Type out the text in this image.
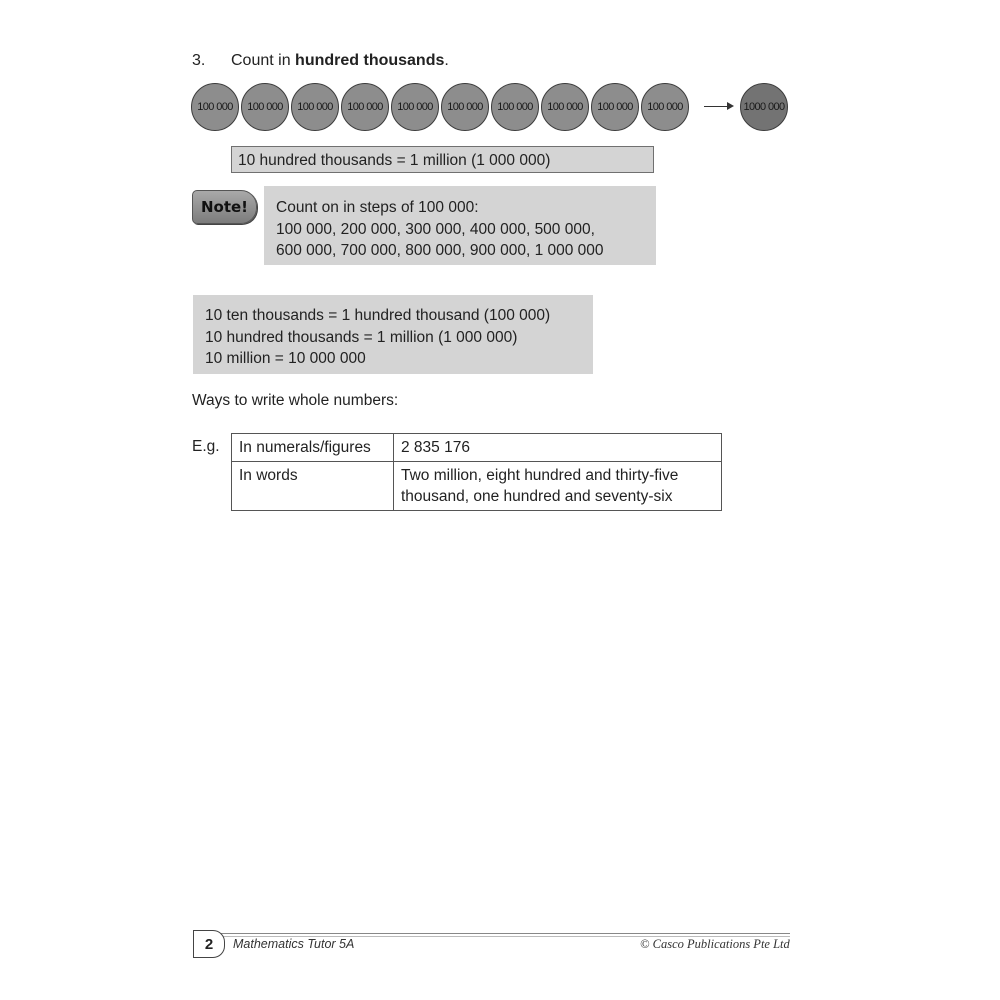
3. Count in hundred thousands.
100 000	100 000	100 000	100 000	100 000	100 000	100 000	100 000	100 000	100 000	1000 000
10 hundred thousands = 1 million (1 000 000)
Note!	Count on in steps of 100 000:
100 000, 200 000, 300 000, 400 000, 500 000,
600 000, 700 000, 800 000, 900 000, 1 000 000
10 ten thousands = 1 hundred thousand (100 000)
10 hundred thousands = 1 million (1 000 000)
10 million = 10 000 000
Ways to write whole numbers:
E.g. In numerals/figures	2 835 176

In words	Two million, eight hundred and thirty-five
thousand, one hundred and seventy-six
2	Mathematics Tutor 5A	© Casco Publications Pte Ltd
